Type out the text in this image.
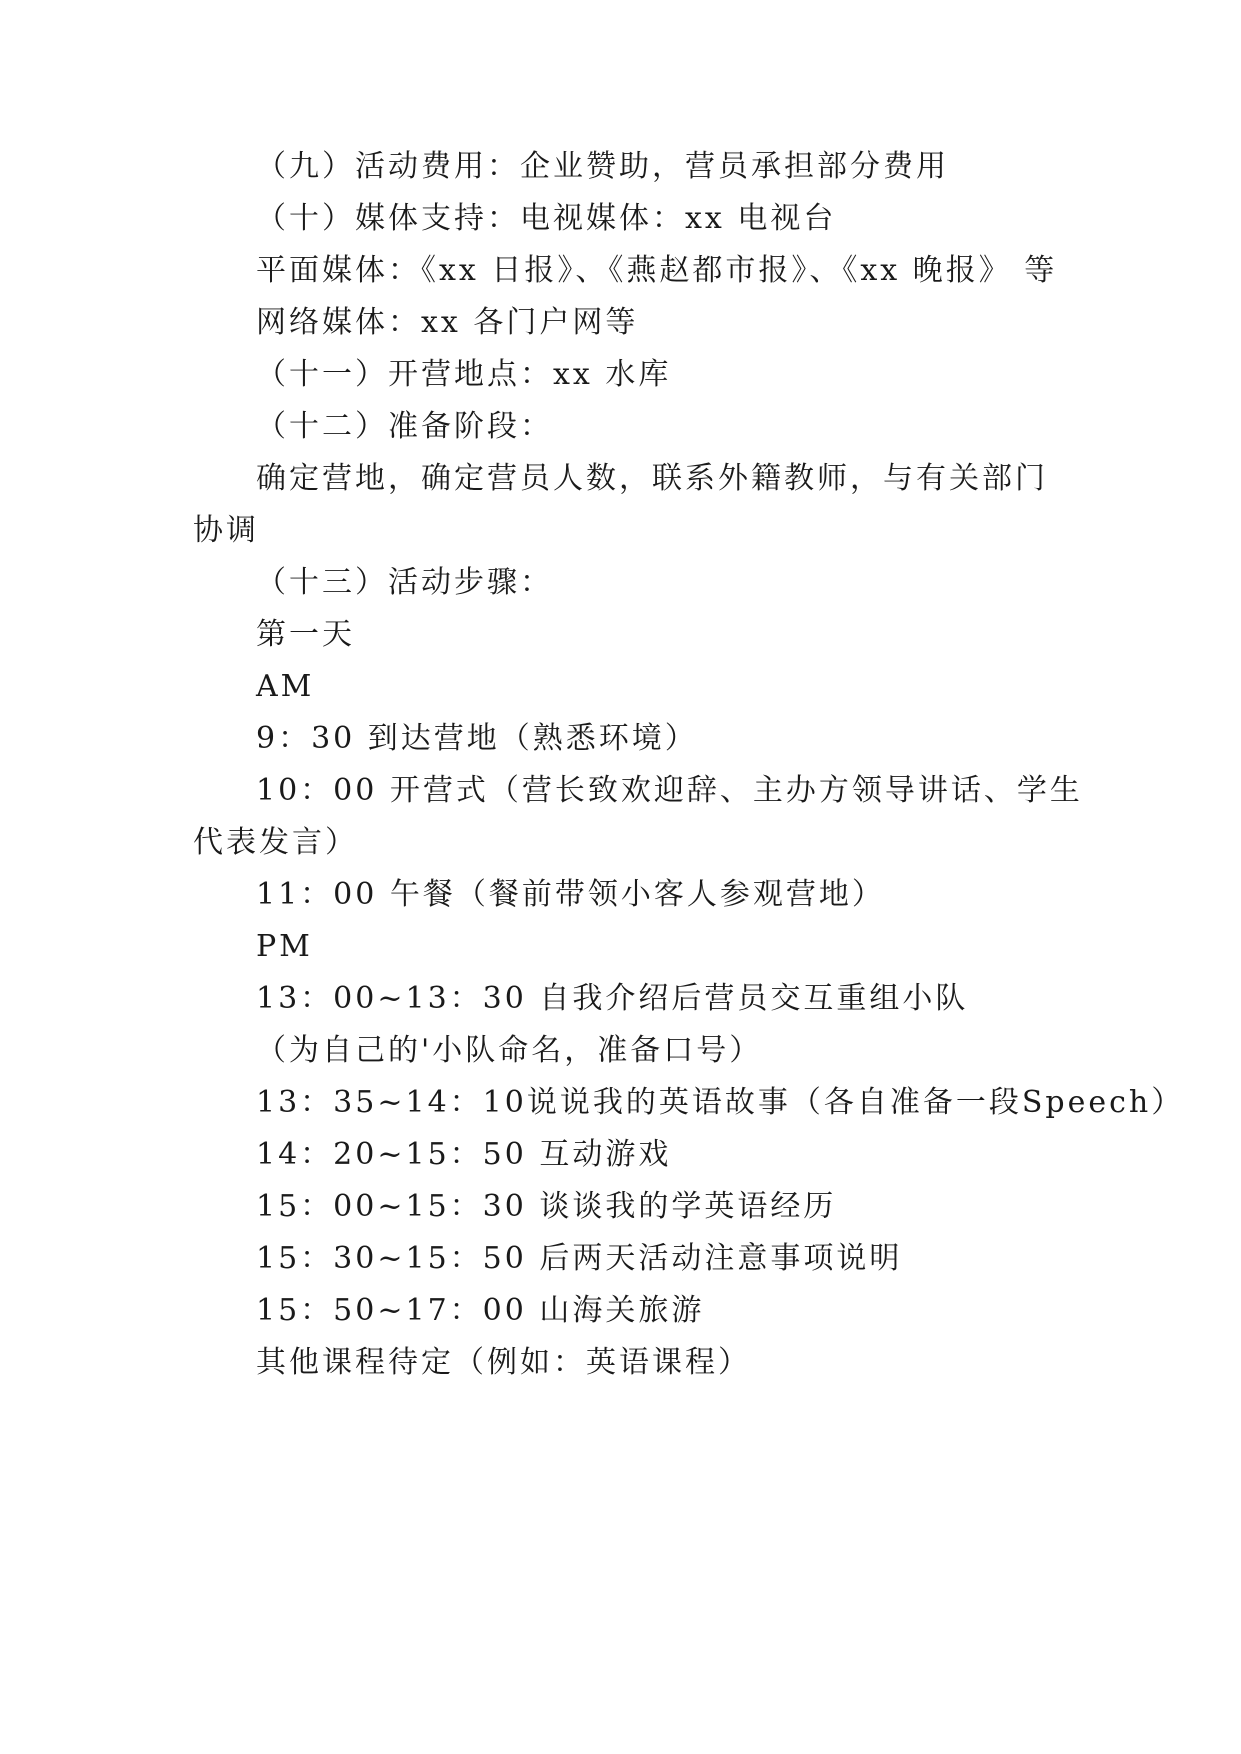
（九）活动费用：企业赞助，营员承担部分费用
（十）媒体支持：电视媒体：xx 电视台
平面媒体：《xx 日报》、《燕赵都市报》、《xx 晚报》 等
网络媒体：xx 各门户网等
（十一）开营地点：xx 水库
（十二）准备阶段：
确定营地，确定营员人数，联系外籍教师，与有关部门
协调
（十三）活动步骤：
第一天
AM
9：30 到达营地（熟悉环境）
10：00 开营式（营长致欢迎辞、主办方领导讲话、学生
代表发言）
11：00 午餐（餐前带领小客人参观营地）
PM
13：00~13：30 自我介绍后营员交互重组小队
（为自己的'小队命名，准备口号）
13：35~14：10说说我的英语故事（各自准备一段Speech）
14：20~15：50 互动游戏
15：00~15：30 谈谈我的学英语经历
15：30~15：50 后两天活动注意事项说明
15：50~17：00 山海关旅游
其他课程待定（例如：英语课程）
